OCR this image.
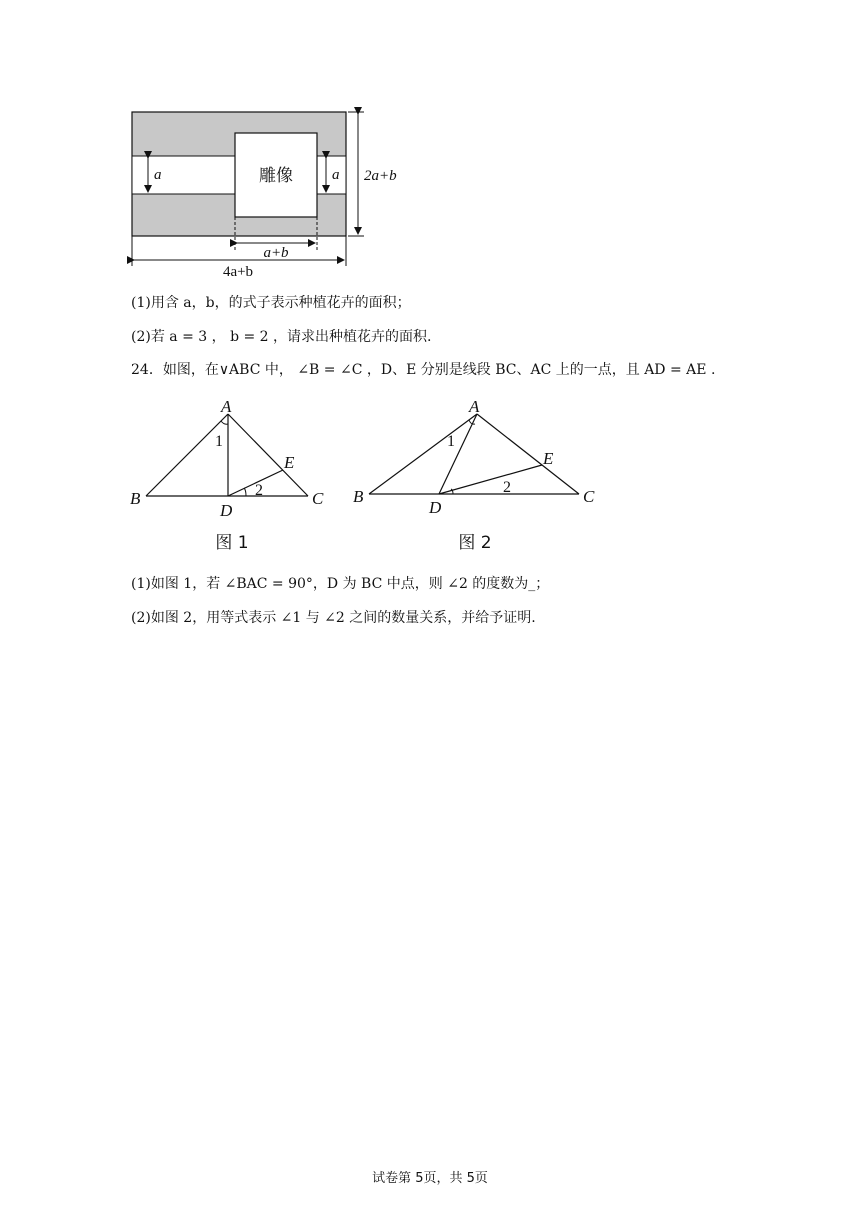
雕像
a	a 2a+b
a+b
4a+b
(1)用含 a，b，的式子表示种植花卉的面积；
(2)若 a = 3 ， b = 2 ，请求出种植花卉的面积.
24．如图，在∨ABC 中， ∠B = ∠C ，D、E 分别是线段 BC、AC 上的一点，且 AD = AE .
A
B	C
D
E
1
2
图 1
A
B	C
D
E
1
2
图 2
(1)如图 1，若 ∠BAC = 90°，D 为 BC 中点，则 ∠2 的度数为_；
(2)如图 2，用等式表示 ∠1 与 ∠2 之间的数量关系，并给予证明.
试卷第 5页，共 5页
